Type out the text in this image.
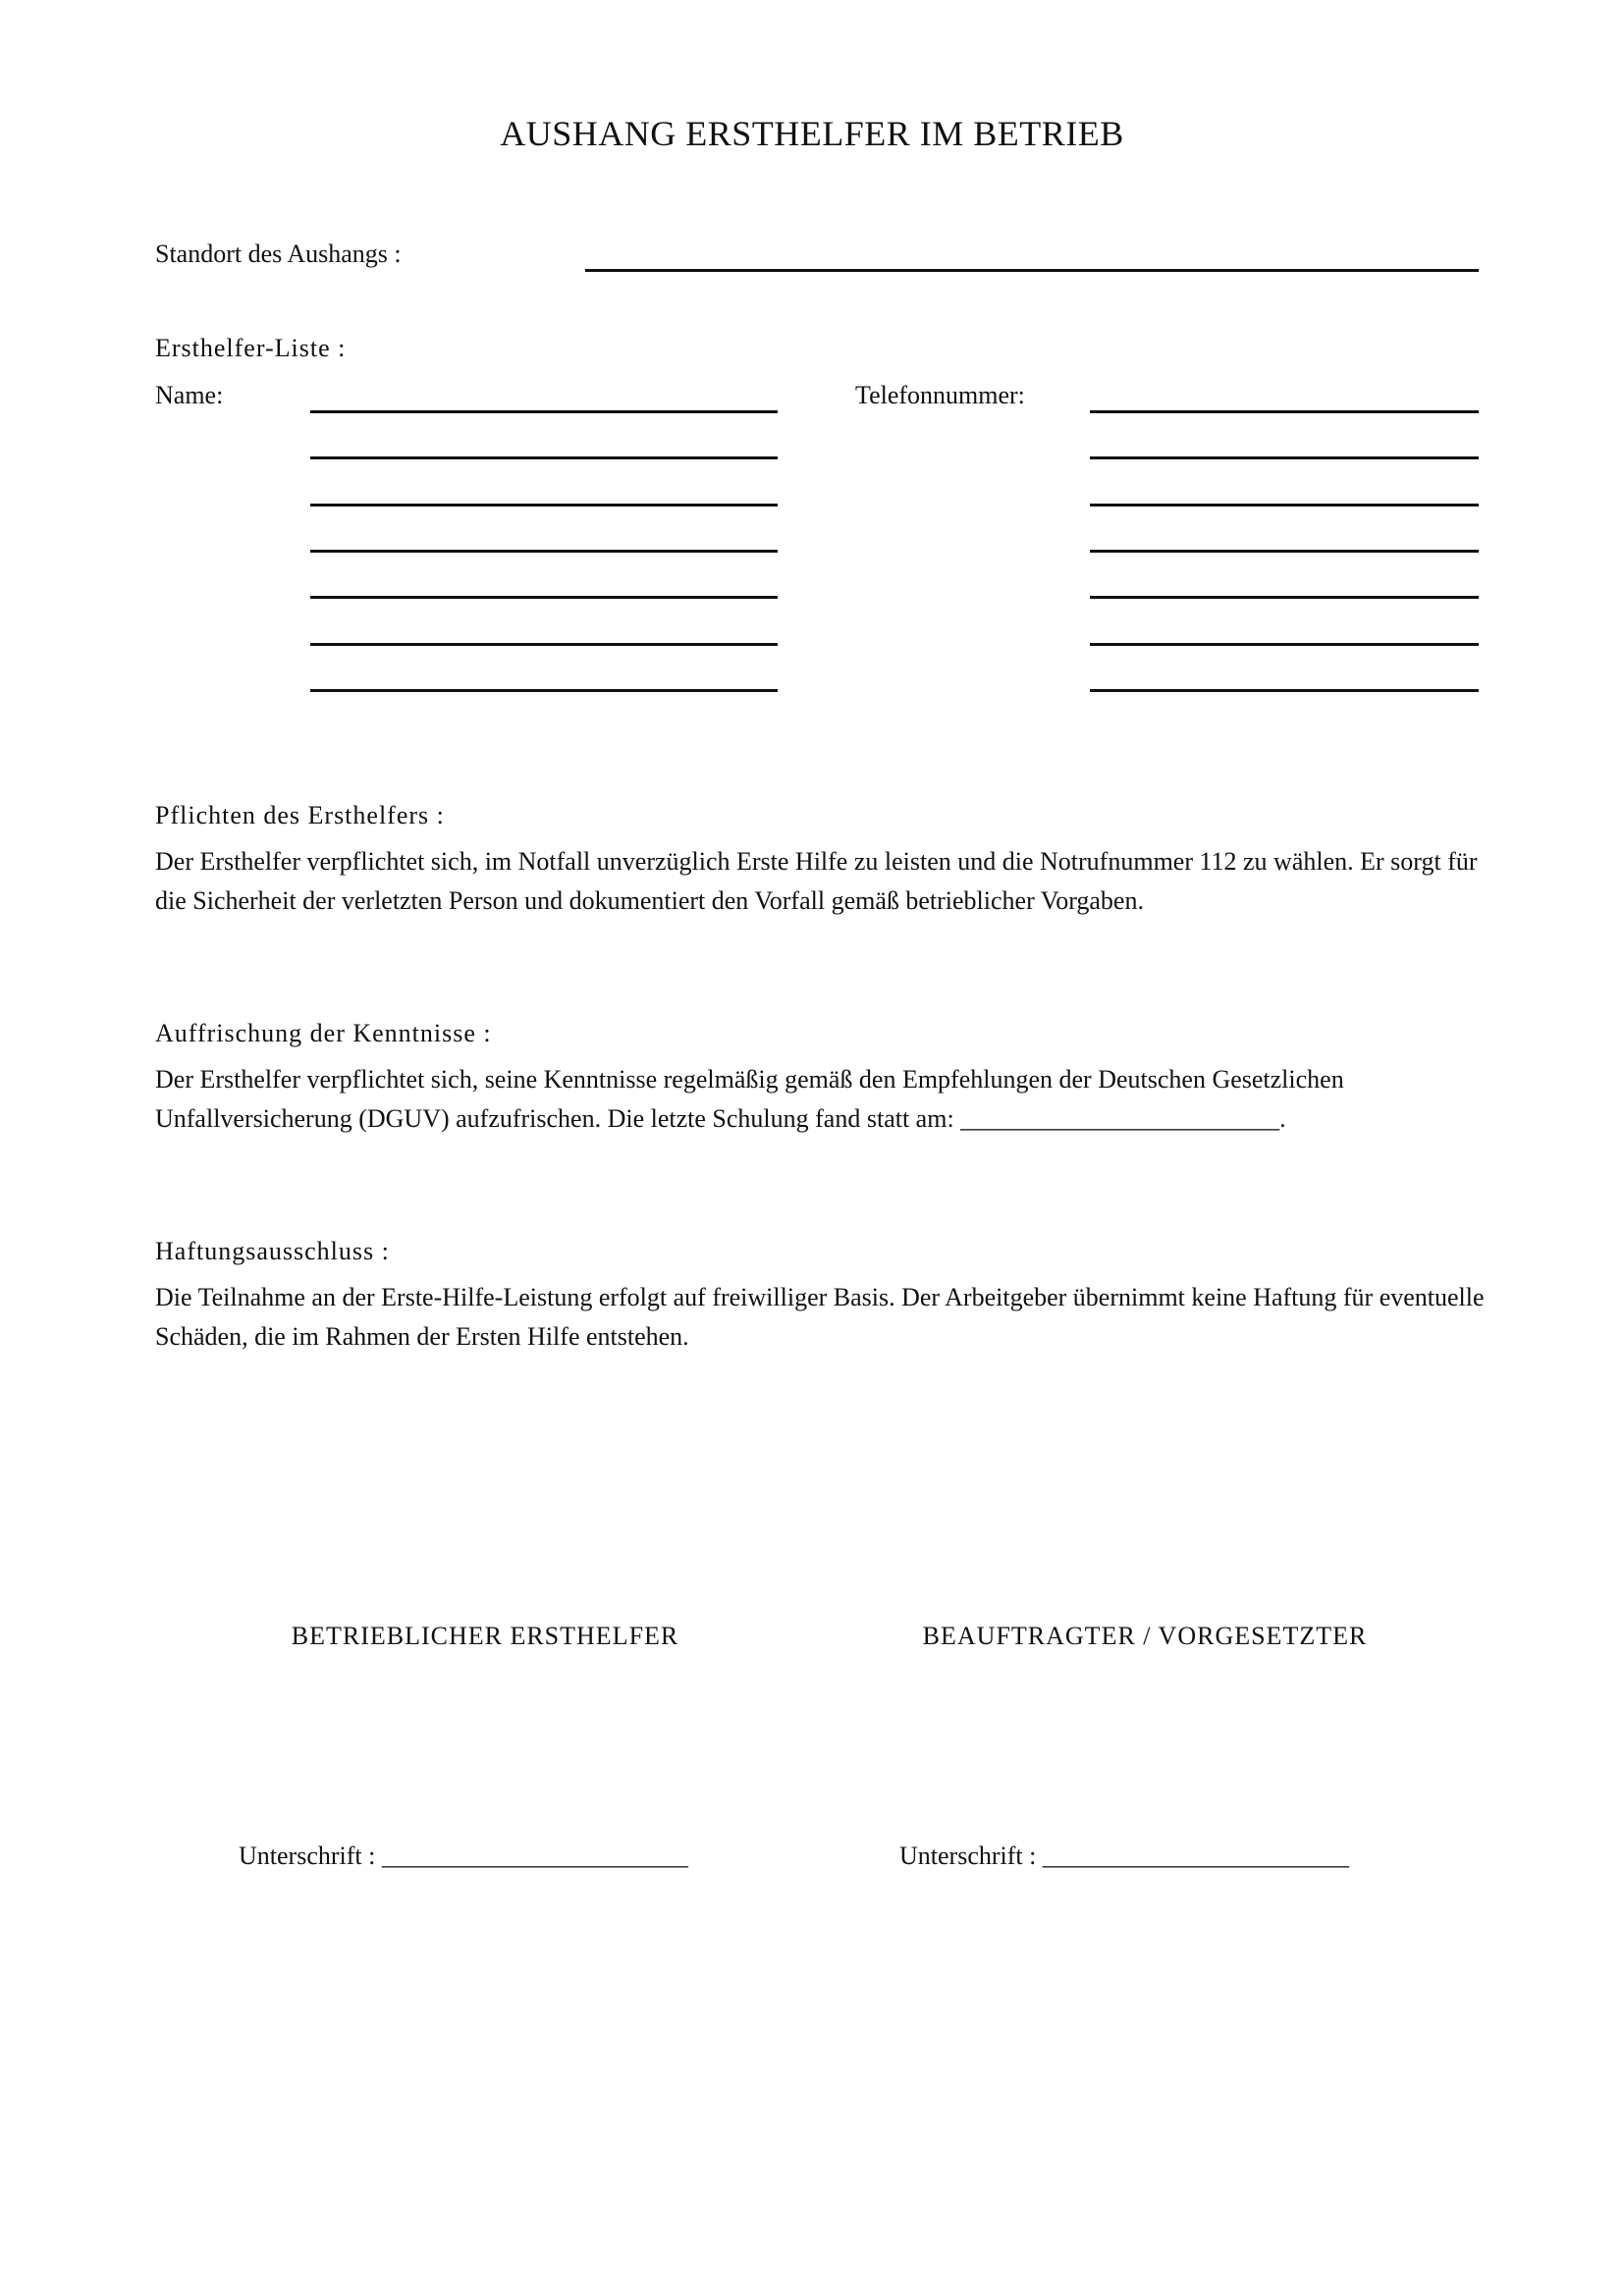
AUSHANG ERSTHELFER IM BETRIEB
Standort des Aushangs :
Ersthelfer-Liste :
Name:	Telefonnummer:
Pflichten des Ersthelfers :
Der Ersthelfer verpflichtet sich, im Notfall unverzüglich Erste Hilfe zu leisten und die Notrufnummer 112 zu wählen. Er sorgt für die Sicherheit der verletzten Person und dokumentiert den Vorfall gemäß betrieblicher Vorgaben.
Auffrischung der Kenntnisse :
Der Ersthelfer verpflichtet sich, seine Kenntnisse regelmäßig gemäß den Empfehlungen der Deutschen Gesetzlichen Unfallversicherung (DGUV) aufzufrischen. Die letzte Schulung fand statt am: _________________________.
Haftungsausschluss :
Die Teilnahme an der Erste-Hilfe-Leistung erfolgt auf freiwilliger Basis. Der Arbeitgeber übernimmt keine Haftung für eventuelle Schäden, die im Rahmen der Ersten Hilfe entstehen.
BETRIEBLICHER ERSTHELFER	BEAUFTRAGTER / VORGESETZTER
Unterschrift : ________________________	Unterschrift : ________________________
